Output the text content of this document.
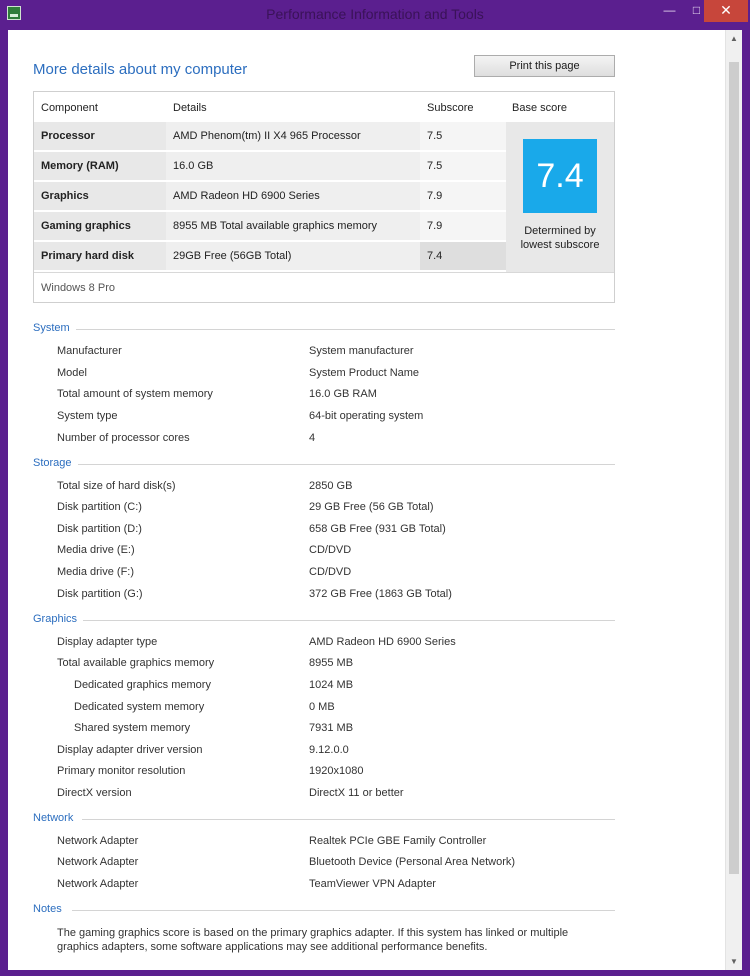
Performance Information and Tools	—	□	✕
More details about my computer	Print this page
Component	Details	Subscore	Base score
Processor	AMD Phenom(tm) II X4 965 Processor	7.5
Memory (RAM)	16.0 GB	7.5
Graphics	AMD Radeon HD 6900 Series	7.9
Gaming graphics	8955 MB Total available graphics memory	7.9
Primary hard disk	29GB Free (56GB Total)	7.4
7.4
Determined by
lowest subscore
Windows 8 Pro
System
Manufacturer	System manufacturer
Model	System Product Name
Total amount of system memory	16.0 GB RAM
System type	64-bit operating system
Number of processor cores	4
Storage
Total size of hard disk(s)	2850 GB
Disk partition (C:)	29 GB Free (56 GB Total)
Disk partition (D:)	658 GB Free (931 GB Total)
Media drive (E:)	CD/DVD
Media drive (F:)	CD/DVD
Disk partition (G:)	372 GB Free (1863 GB Total)
Graphics
Display adapter type	AMD Radeon HD 6900 Series
Total available graphics memory	8955 MB
Dedicated graphics memory	1024 MB
Dedicated system memory	0 MB
Shared system memory	7931 MB
Display adapter driver version	9.12.0.0
Primary monitor resolution	1920x1080
DirectX version	DirectX 11 or better
Network
Network Adapter	Realtek PCIe GBE Family Controller
Network Adapter	Bluetooth Device (Personal Area Network)
Network Adapter	TeamViewer VPN Adapter
Notes
The gaming graphics score is based on the primary graphics adapter. If this system has linked or multiple graphics adapters, some software applications may see additional performance benefits.
▲
▼
